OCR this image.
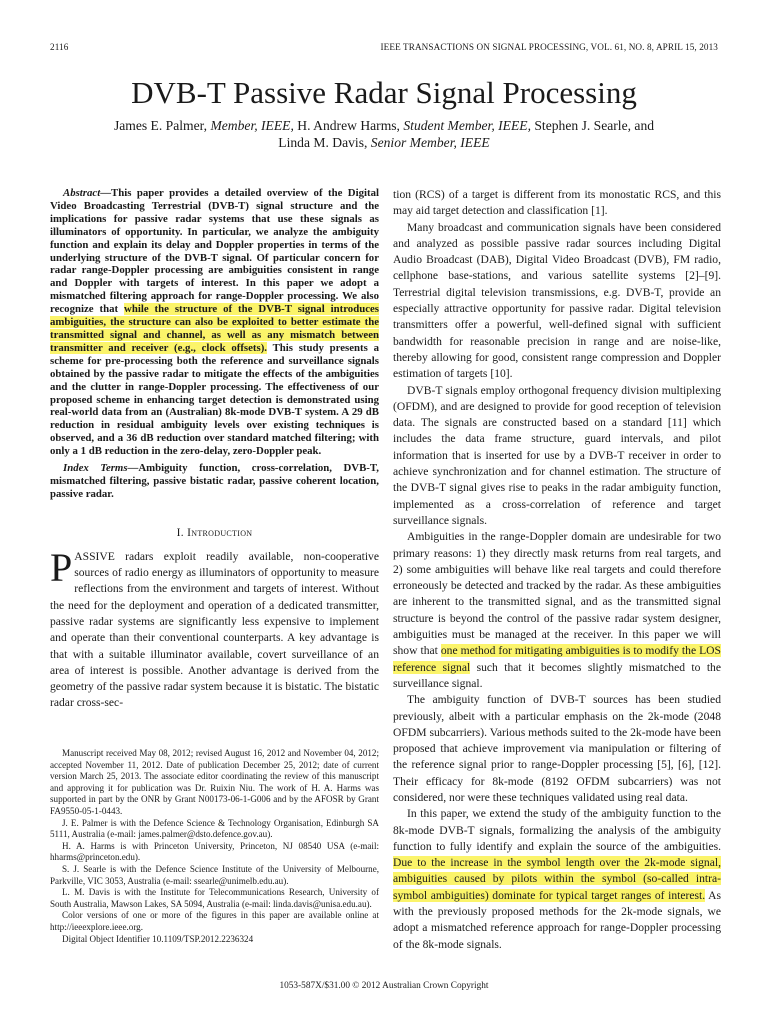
2116	IEEE TRANSACTIONS ON SIGNAL PROCESSING, VOL. 61, NO. 8, APRIL 15, 2013
DVB-T Passive Radar Signal Processing
James E. Palmer, Member, IEEE, H. Andrew Harms, Student Member, IEEE, Stephen J. Searle, and
Linda M. Davis, Senior Member, IEEE

Abstract—This paper provides a detailed overview of the Digital Video Broadcasting Terrestrial (DVB-T) signal structure and the implications for passive radar systems that use these signals as illuminators of opportunity. In particular, we analyze the ambiguity function and explain its delay and Doppler properties in terms of the underlying structure of the DVB-T signal. Of particular concern for radar range-Doppler processing are ambiguities consistent in range and Doppler with targets of interest. In this paper we adopt a mismatched filtering approach for range-Doppler processing. We also recognize that while the structure of the DVB-T signal introduces ambiguities, the structure can also be exploited to better estimate the transmitted signal and channel, as well as any mismatch between transmitter and receiver (e.g., clock offsets). This study presents a scheme for pre-processing both the reference and surveillance signals obtained by the passive radar to mitigate the effects of the ambiguities and the clutter in range-Doppler processing. The effectiveness of our proposed scheme in enhancing target detection is demonstrated using real-world data from an (Australian) 8k-mode DVB-T system. A 29 dB reduction in residual ambiguity levels over existing techniques is observed, and a 36 dB reduction over standard matched filtering; with only a 1 dB reduction in the zero-delay, zero-Doppler peak.

Index Terms—Ambiguity function, cross-correlation, DVB-T, mismatched filtering, passive bistatic radar, passive coherent location, passive radar.

I. Introduction

PASSIVE radars exploit readily available, non-cooperative sources of radio energy as illuminators of opportunity to measure reflections from the environment and targets of interest. Without the need for the deployment and operation of a dedicated transmitter, passive radar systems are significantly less expensive to implement and operate than their conventional counterparts. A key advantage is that with a suitable illuminator available, covert surveillance of an area of interest is possible. Another advantage is derived from the geometry of the passive radar system because it is bistatic. The bistatic radar cross-sec-

Manuscript received May 08, 2012; revised August 16, 2012 and November 04, 2012; accepted November 11, 2012. Date of publication December 25, 2012; date of current version March 25, 2013. The associate editor coordinating the review of this manuscript and approving it for publication was Dr. Ruixin Niu. The work of H. A. Harms was supported in part by the ONR by Grant N00173-06-1-G006 and by the AFOSR by Grant FA9550-05-1-0443.

J. E. Palmer is with the Defence Science & Technology Organisation, Edinburgh SA 5111, Australia (e-mail: james.palmer@dsto.defence.gov.au).

H. A. Harms is with Princeton University, Princeton, NJ 08540 USA (e-mail: hharms@princeton.edu).

S. J. Searle is with the Defence Science Institute of the University of Melbourne, Parkville, VIC 3053, Australia (e-mail: ssearle@unimelb.edu.au).

L. M. Davis is with the Institute for Telecommunications Research, University of South Australia, Mawson Lakes, SA 5094, Australia (e-mail: linda.davis@unisa.edu.au).

Color versions of one or more of the figures in this paper are available online at http://ieeexplore.ieee.org.

Digital Object Identifier 10.1109/TSP.2012.2236324

tion (RCS) of a target is different from its monostatic RCS, and this may aid target detection and classification [1].

Many broadcast and communication signals have been considered and analyzed as possible passive radar sources including Digital Audio Broadcast (DAB), Digital Video Broadcast (DVB), FM radio, cellphone base-stations, and various satellite systems [2]–[9]. Terrestrial digital television transmissions, e.g. DVB-T, provide an especially attractive opportunity for passive radar. Digital television transmitters offer a powerful, well-defined signal with sufficient bandwidth for reasonable precision in range and are noise-like, thereby allowing for good, consistent range compression and Doppler estimation of targets [10].

DVB-T signals employ orthogonal frequency division multiplexing (OFDM), and are designed to provide for good reception of television data. The signals are constructed based on a standard [11] which includes the data frame structure, guard intervals, and pilot information that is inserted for use by a DVB-T receiver in order to achieve synchronization and for channel estimation. The structure of the DVB-T signal gives rise to peaks in the radar ambiguity function, implemented as a cross-correlation of reference and target surveillance signals.

Ambiguities in the range-Doppler domain are undesirable for two primary reasons: 1) they directly mask returns from real targets, and 2) some ambiguities will behave like real targets and could therefore erroneously be detected and tracked by the radar. As these ambiguities are inherent to the transmitted signal, and as the transmitted signal structure is beyond the control of the passive radar system designer, ambiguities must be managed at the receiver. In this paper we will show that one method for mitigating ambiguities is to modify the LOS reference signal such that it becomes slightly mismatched to the surveillance signal.

The ambiguity function of DVB-T sources has been studied previously, albeit with a particular emphasis on the 2k-mode (2048 OFDM subcarriers). Various methods suited to the 2k-mode have been proposed that achieve improvement via manipulation or filtering of the reference signal prior to range-Doppler processing [5], [6], [12]. Their efficacy for 8k-mode (8192 OFDM subcarriers) was not considered, nor were these techniques validated using real data.

In this paper, we extend the study of the ambiguity function to the 8k-mode DVB-T signals, formalizing the analysis of the ambiguity function to fully identify and explain the source of the ambiguities. Due to the increase in the symbol length over the 2k-mode signal, ambiguities caused by pilots within the symbol (so-called intra-symbol ambiguities) dominate for typical target ranges of interest. As with the previously proposed methods for the 2k-mode signals, we adopt a mismatched reference approach for range-Doppler processing of the 8k-mode signals.

1053-587X/$31.00 © 2012 Australian Crown Copyright
